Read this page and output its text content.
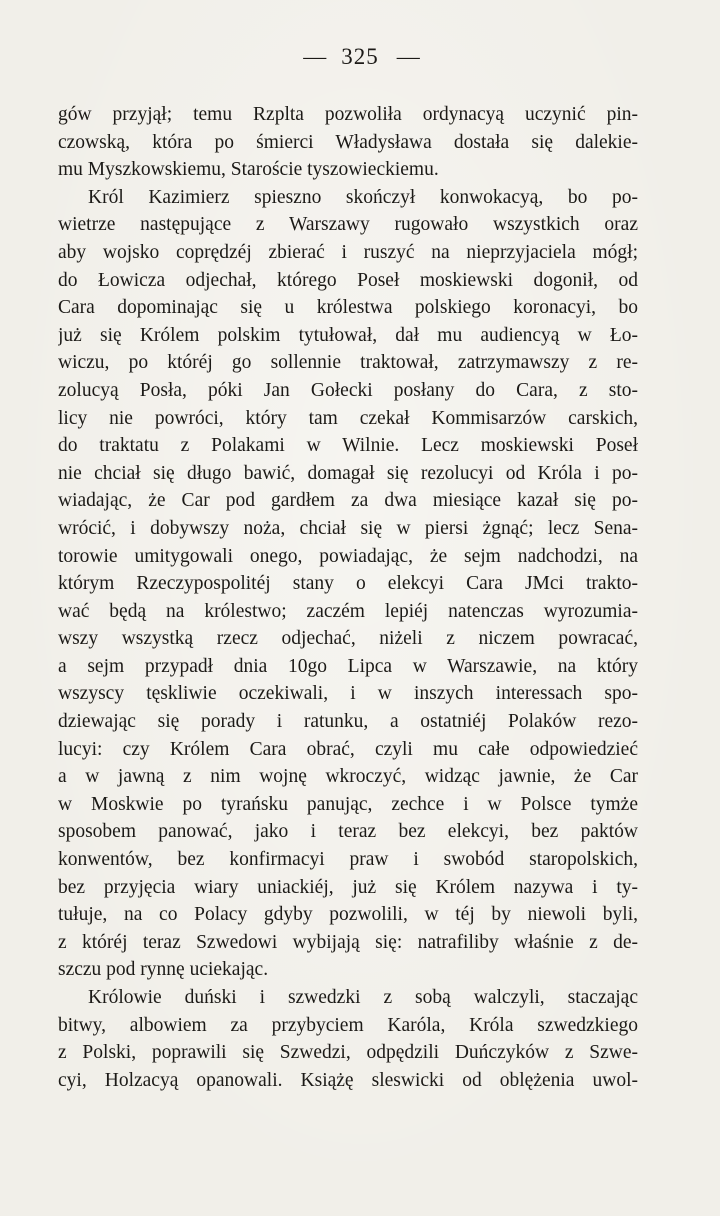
— 325 —
gów przyjął; temu Rzplta pozwoliła ordynacyą uczynić pin-
czowską, która po śmierci Władysława dostała się dalekie-
mu Myszkowskiemu, Staroście tyszowieckiemu.
Król Kazimierz spieszno skończył konwokacyą, bo po-
wietrze następujące z Warszawy rugowało wszystkich oraz
aby wojsko coprędzéj zbierać i ruszyć na nieprzyjaciela mógł;
do Łowicza odjechał, którego Poseł moskiewski dogonił, od
Cara dopominając się u królestwa polskiego koronacyi, bo
już się Królem polskim tytułował, dał mu audiencyą w Ło-
wiczu, po któréj go sollennie traktował, zatrzymawszy z re-
zolucyą Posła, póki Jan Gołecki posłany do Cara, z sto-
licy nie powróci, który tam czekał Kommisarzów carskich,
do traktatu z Polakami w Wilnie. Lecz moskiewski Poseł
nie chciał się długo bawić, domagał się rezolucyi od Króla i po-
wiadając, że Car pod gardłem za dwa miesiące kazał się po-
wrócić, i dobywszy noża, chciał się w piersi żgnąć; lecz Sena-
torowie umitygowali onego, powiadając, że sejm nadchodzi, na
którym Rzeczypospolitéj stany o elekcyi Cara JMci trakto-
wać będą na królestwo; zaczém lepiéj natenczas wyrozumia-
wszy wszystką rzecz odjechać, niżeli z niczem powracać,
a sejm przypadł dnia 10go Lipca w Warszawie, na który
wszyscy tęskliwie oczekiwali, i w inszych interessach spo-
dziewając się porady i ratunku, a ostatniéj Polaków rezo-
lucyi: czy Królem Cara obrać, czyli mu całe odpowiedzieć
a w jawną z nim wojnę wkroczyć, widząc jawnie, że Car
w Moskwie po tyrańsku panując, zechce i w Polsce tymże
sposobem panować, jako i teraz bez elekcyi, bez paktów
konwentów, bez konfirmacyi praw i swobód staropolskich,
bez przyjęcia wiary uniackiéj, już się Królem nazywa i ty-
tułuje, na co Polacy gdyby pozwolili, w téj by niewoli byli,
z któréj teraz Szwedowi wybijają się: natrafiliby właśnie z de-
szczu pod rynnę uciekając.
Królowie duński i szwedzki z sobą walczyli, staczając
bitwy, albowiem za przybyciem Karóla, Króla szwedzkiego
z Polski, poprawili się Szwedzi, odpędzili Duńczyków z Szwe-
cyi, Holzacyą opanowali. Książę sleswicki od oblężenia uwol-
